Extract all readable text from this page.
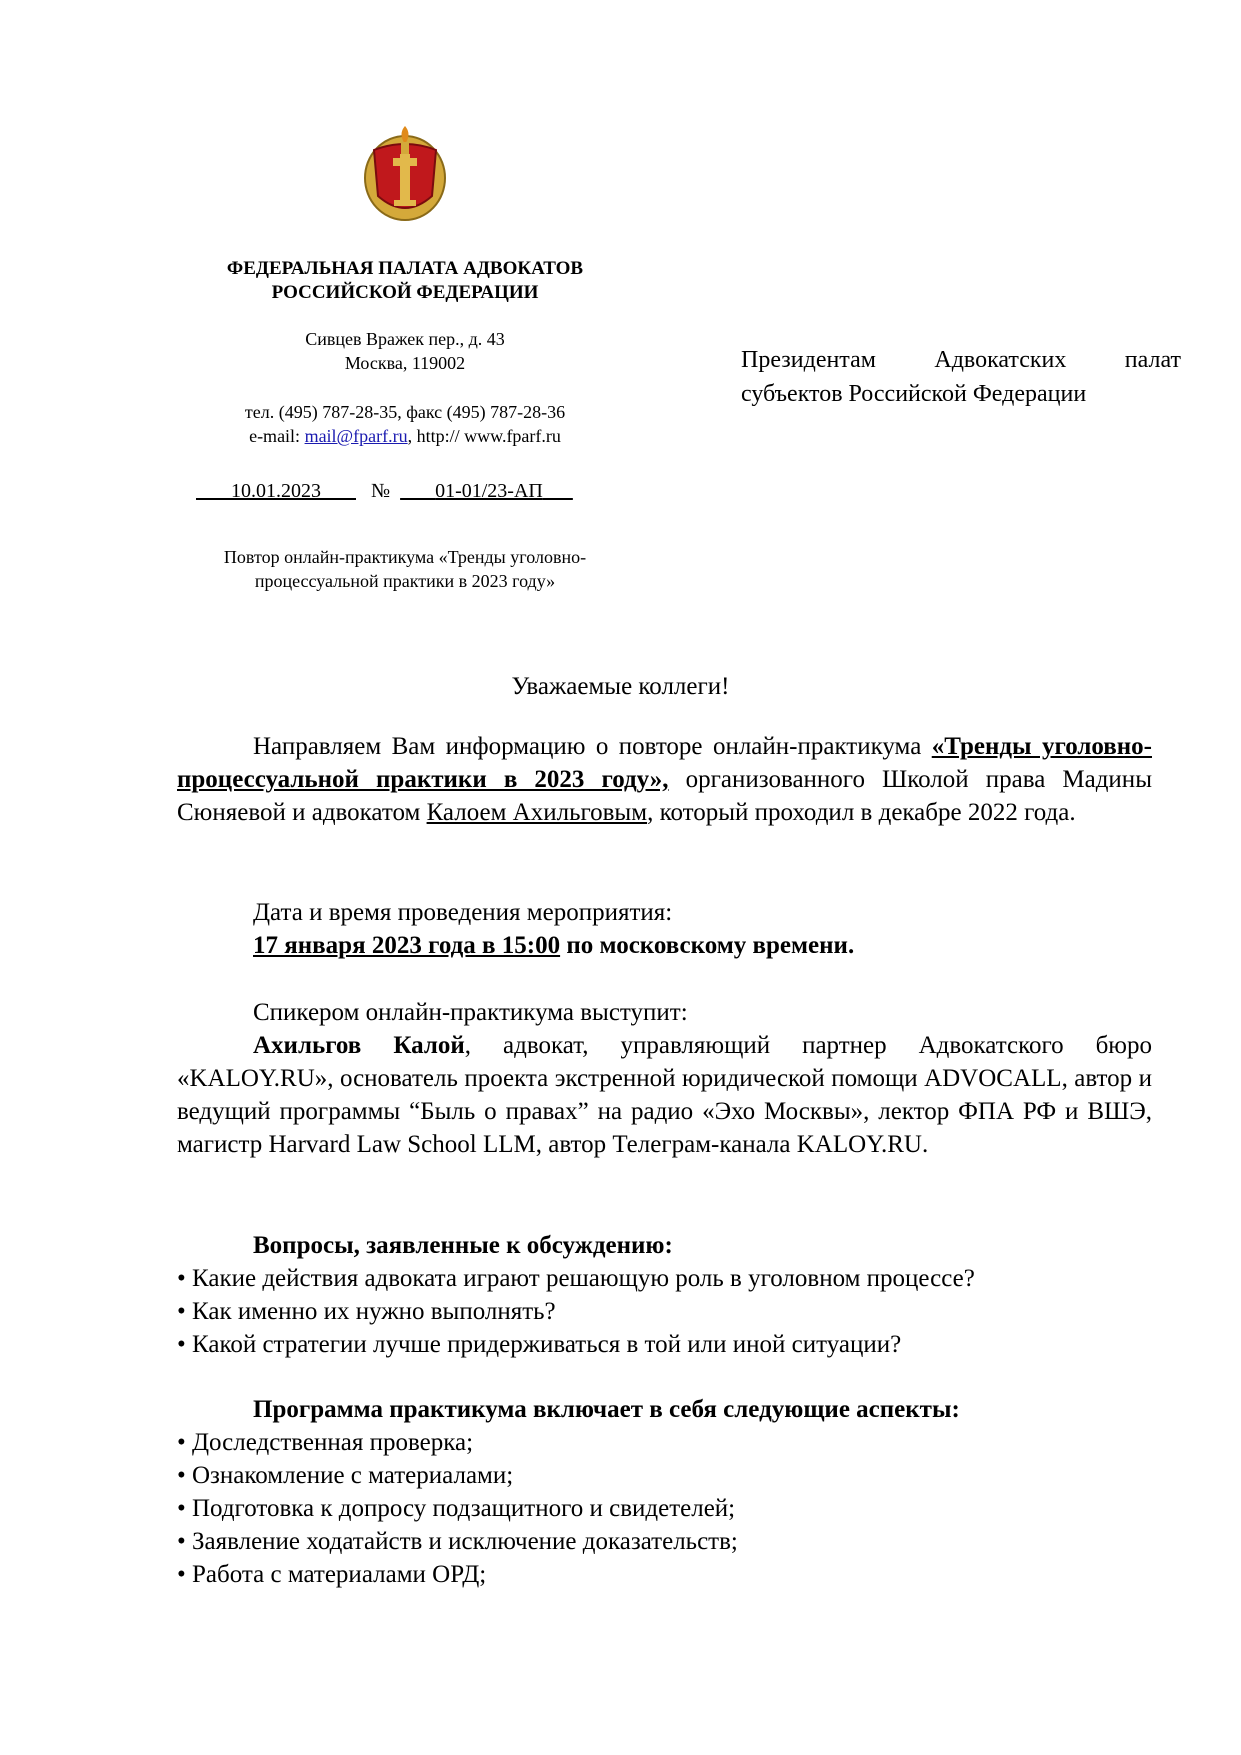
ФЕДЕРАЛЬНАЯ ПАЛАТА АДВОКАТОВ
РОССИЙСКОЙ ФЕДЕРАЦИИ
Сивцев Вражек пер., д. 43
Москва, 119002
тел. (495) 787-28-35, факс (495) 787-28-36
e-mail: mail@fparf.ru, http:// www.fparf.ru
10.01.2023	№ 01-01/23-АП
Повтор онлайн-практикума «Тренды уголовно-
процессуальной практики в 2023 году»
Президентам Адвокатских палат
субъектов Российской Федерации
Уважаемые коллеги!

Направляем Вам информацию о повторе онлайн-практикума «Тренды уголовно-процессуальной практики в 2023 году», организованного Школой права Мадины Сюняевой и адвокатом Калоем Ахильговым, который проходил в декабре 2022 года.

Дата и время проведения мероприятия:
17 января 2023 года в 15:00 по московскому времени.
Спикером онлайн-практикума выступит:

Ахильгов Калой, адвокат, управляющий партнер Адвокатского бюро «KALOY.RU», основатель проекта экстренной юридической помощи ADVOCALL, автор и ведущий программы “Быль о правах” на радио «Эхо Москвы», лектор ФПА РФ и ВШЭ, магистр Harvard Law School LLM, автор Телеграм-канала KALOY.RU.

Вопросы, заявленные к обсуждению:
• Какие действия адвоката играют решающую роль в уголовном процессе?
• Как именно их нужно выполнять?
• Какой стратегии лучше придерживаться в той или иной ситуации?
Программа практикума включает в себя следующие аспекты:
• Доследственная проверка;
• Ознакомление с материалами;
• Подготовка к допросу подзащитного и свидетелей;
• Заявление ходатайств и исключение доказательств;
• Работа с материалами ОРД;
